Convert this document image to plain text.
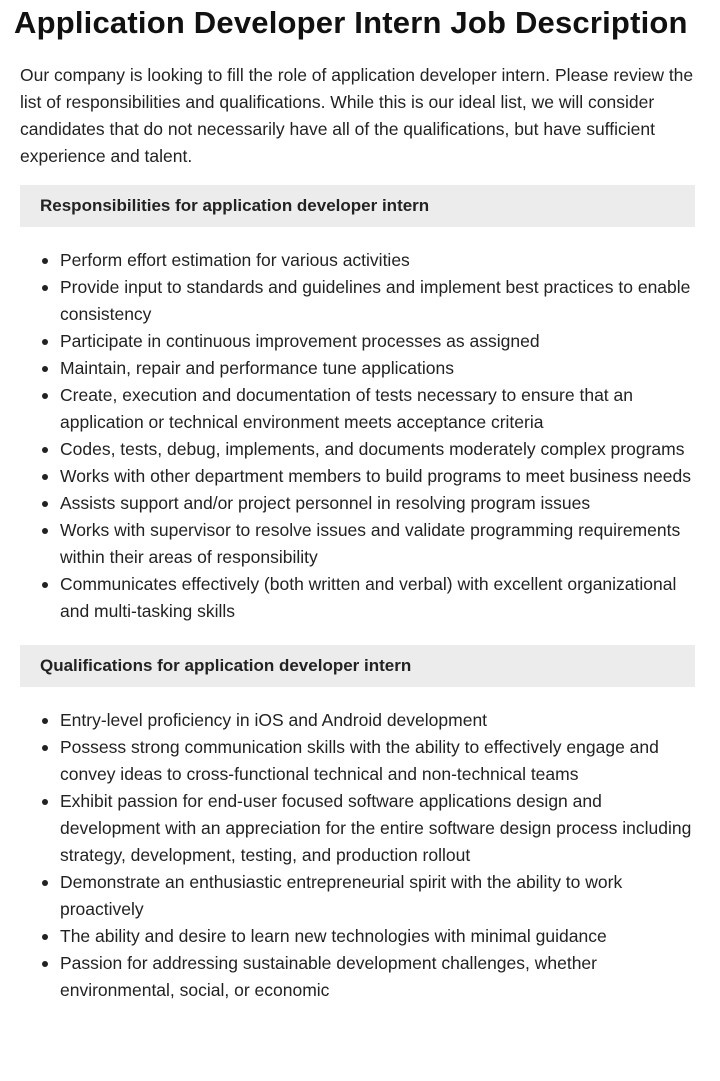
Application Developer Intern Job Description

Our company is looking to fill the role of application developer intern. Please review the list of responsibilities and qualifications. While this is our ideal list, we will consider candidates that do not necessarily have all of the qualifications, but have sufficient experience and talent.

Responsibilities for application developer intern
Perform effort estimation for various activities
Provide input to standards and guidelines and implement best practices to enable consistency
Participate in continuous improvement processes as assigned
Maintain, repair and performance tune applications
Create, execution and documentation of tests necessary to ensure that an application or technical environment meets acceptance criteria
Codes, tests, debug, implements, and documents moderately complex programs
Works with other department members to build programs to meet business needs
Assists support and/or project personnel in resolving program issues
Works with supervisor to resolve issues and validate programming requirements within their areas of responsibility
Communicates effectively (both written and verbal) with excellent organizational and multi-tasking skills
Qualifications for application developer intern
Entry-level proficiency in iOS and Android development
Possess strong communication skills with the ability to effectively engage and convey ideas to cross-functional technical and non-technical teams
Exhibit passion for end-user focused software applications design and development with an appreciation for the entire software design process including strategy, development, testing, and production rollout
Demonstrate an enthusiastic entrepreneurial spirit with the ability to work proactively
The ability and desire to learn new technologies with minimal guidance
Passion for addressing sustainable development challenges, whether environmental, social, or economic
